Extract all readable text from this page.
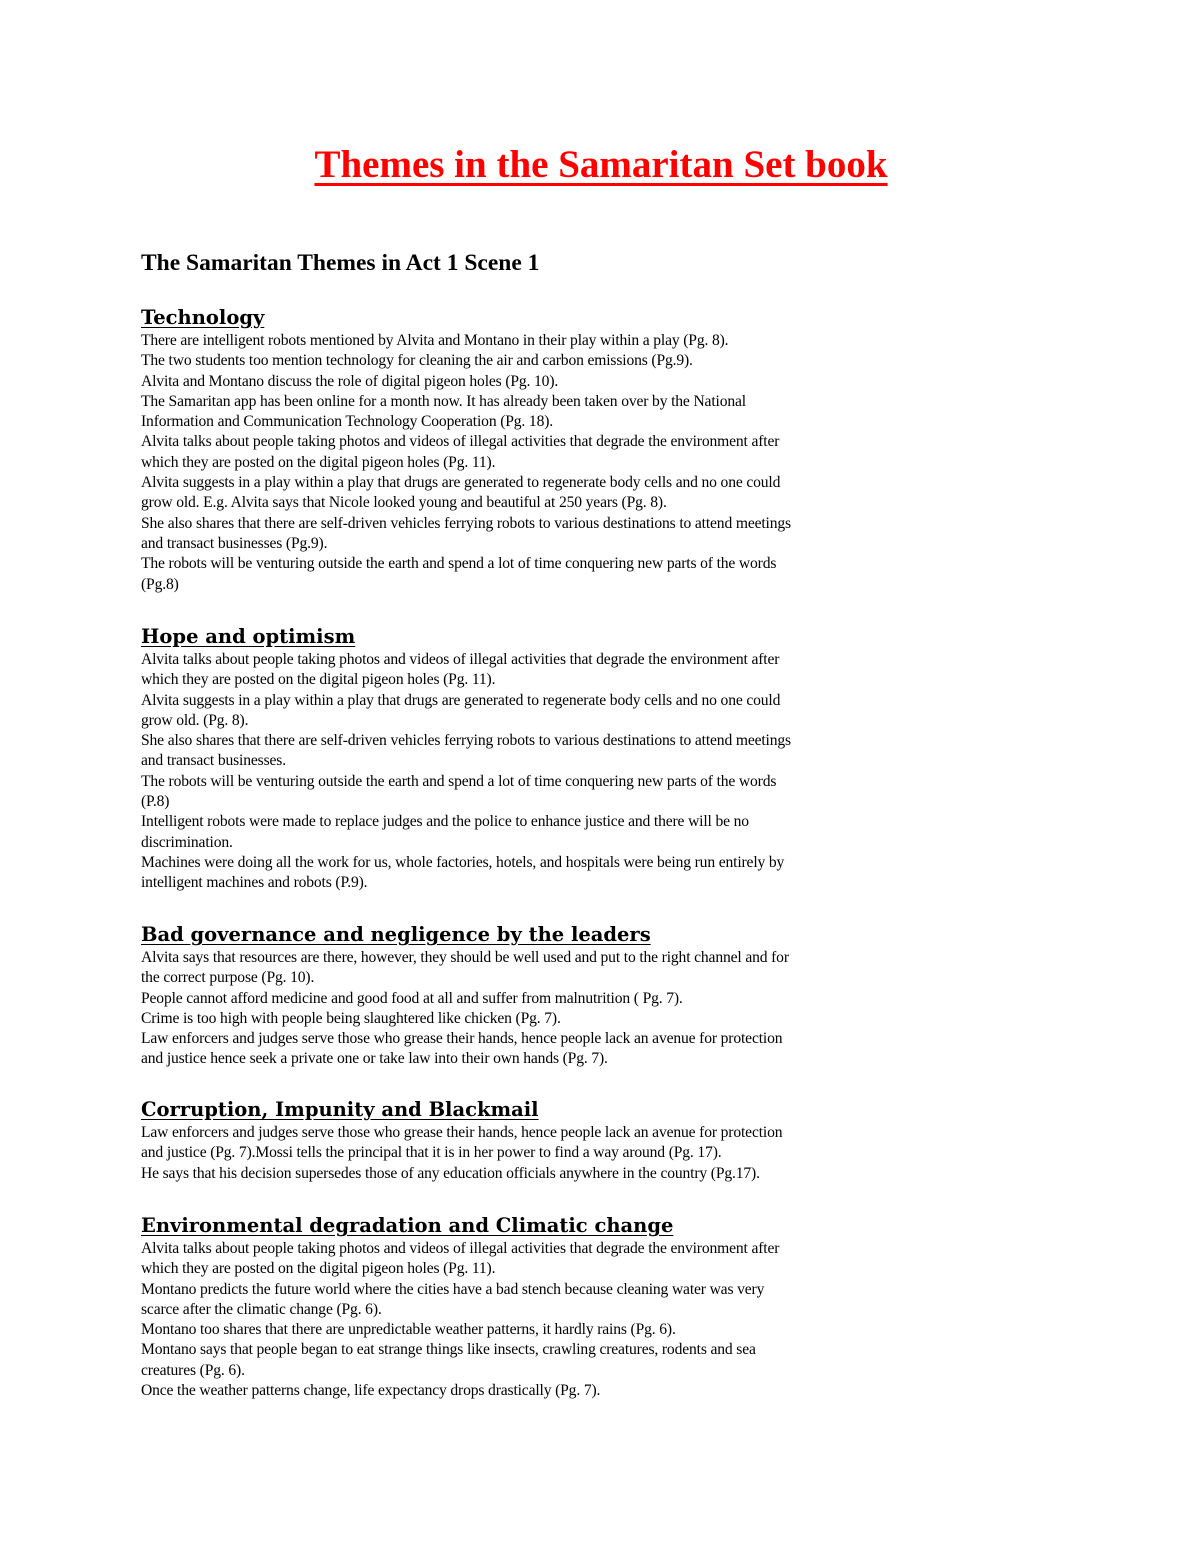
Themes in the Samaritan Set book
The Samaritan Themes in Act 1 Scene 1

Technology

There are intelligent robots mentioned by Alvita and Montano in their play within a play (Pg. 8).

The two students too mention technology for cleaning the air and carbon emissions (Pg.9).

Alvita and Montano discuss the role of digital pigeon holes (Pg. 10).

The Samaritan app has been online for a month now. It has already been taken over by the National

Information and Communication Technology Cooperation (Pg. 18).

Alvita talks about people taking photos and videos of illegal activities that degrade the environment after

which they are posted on the digital pigeon holes (Pg. 11).

Alvita suggests in a play within a play that drugs are generated to regenerate body cells and no one could

grow old. E.g. Alvita says that Nicole looked young and beautiful at 250 years (Pg. 8).

She also shares that there are self-driven vehicles ferrying robots to various destinations to attend meetings

and transact businesses (Pg.9).

The robots will be venturing outside the earth and spend a lot of time conquering new parts of the words

(Pg.8)

Hope and optimism

Alvita talks about people taking photos and videos of illegal activities that degrade the environment after

which they are posted on the digital pigeon holes (Pg. 11).

Alvita suggests in a play within a play that drugs are generated to regenerate body cells and no one could

grow old. (Pg. 8).

She also shares that there are self-driven vehicles ferrying robots to various destinations to attend meetings

and transact businesses.

The robots will be venturing outside the earth and spend a lot of time conquering new parts of the words

(P.8)

Intelligent robots were made to replace judges and the police to enhance justice and there will be no

discrimination.

Machines were doing all the work for us, whole factories, hotels, and hospitals were being run entirely by

intelligent machines and robots (P.9).

Bad governance and negligence by the leaders

Alvita says that resources are there, however, they should be well used and put to the right channel and for

the correct purpose (Pg. 10).

People cannot afford medicine and good food at all and suffer from malnutrition ( Pg. 7).

Crime is too high with people being slaughtered like chicken (Pg. 7).

Law enforcers and judges serve those who grease their hands, hence people lack an avenue for protection

and justice hence seek a private one or take law into their own hands (Pg. 7).

Corruption, Impunity and Blackmail

Law enforcers and judges serve those who grease their hands, hence people lack an avenue for protection

and justice (Pg. 7).Mossi tells the principal that it is in her power to find a way around (Pg. 17).

He says that his decision supersedes those of any education officials anywhere in the country (Pg.17).

Environmental degradation and Climatic change

Alvita talks about people taking photos and videos of illegal activities that degrade the environment after

which they are posted on the digital pigeon holes (Pg. 11).

Montano predicts the future world where the cities have a bad stench because cleaning water was very

scarce after the climatic change (Pg. 6).

Montano too shares that there are unpredictable weather patterns, it hardly rains (Pg. 6).

Montano says that people began to eat strange things like insects, crawling creatures, rodents and sea

creatures (Pg. 6).

Once the weather patterns change, life expectancy drops drastically (Pg. 7).
